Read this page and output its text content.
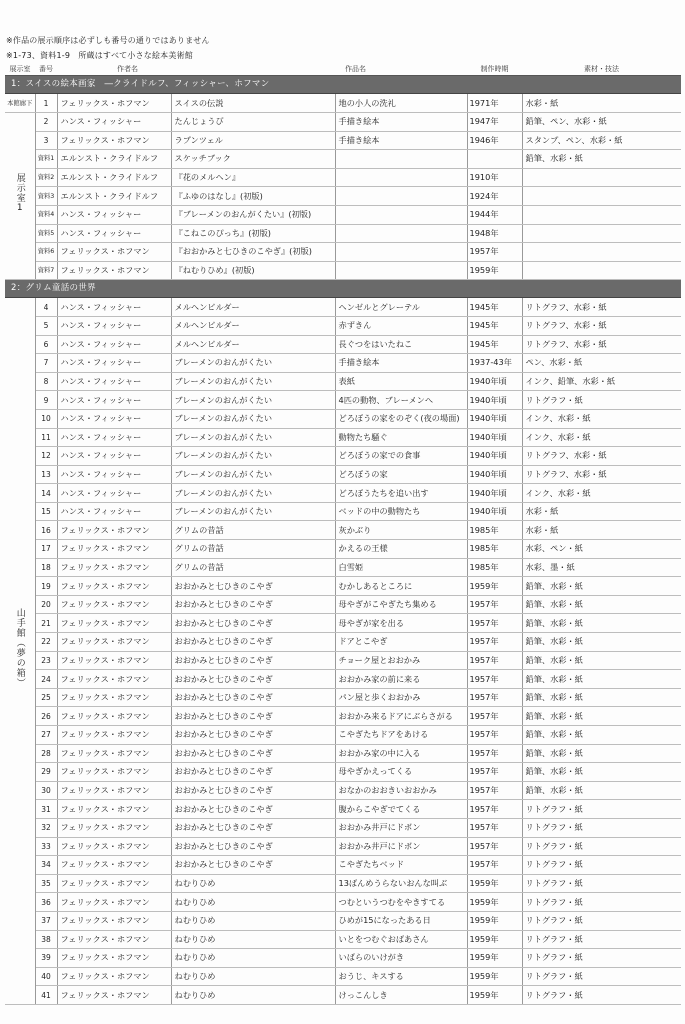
※作品の展示順序は必ずしも番号の通りではありません
※1-73、資料1-9　所蔵はすべて小さな絵本美術館
展示室	番号	作者名		作品名	制作時期	素材・技法
1：スイスの絵本画家　―クライドルフ、フィッシャー、ホフマン						
本館廊下	1	フェリックス・ホフマン	スイスの伝説	地の小人の洗礼	1971年	水彩・紙
展示室1	2	ハンス・フィッシャー	たんじょうび	手描き絵本	1947年	鉛筆、ペン、水彩・紙
	3	フェリックス・ホフマン	ラプンツェル	手描き絵本	1946年	スタンプ、ペン、水彩・紙
	資料1	エルンスト・クライドルフ	スケッチブック			鉛筆、水彩・紙
	資料2	エルンスト・クライドルフ	『花のメルヘン』		1910年	
	資料3	エルンスト・クライドルフ	『ふゆのはなし』(初版)		1924年	
	資料4	ハンス・フィッシャー	『ブレーメンのおんがくたい』(初版)		1944年	
	資料5	ハンス・フィッシャー	『こねこのぴっち』(初版)		1948年	
	資料6	フェリックス・ホフマン	『おおかみと七ひきのこやぎ』(初版)		1957年	
	資料7	フェリックス・ホフマン	『ねむりひめ』(初版)		1959年	
2：グリム童話の世界						
山手館（夢の箱）	4	ハンス・フィッシャー	メルヘンビルダー	ヘンゼルとグレーテル	1945年	リトグラフ、水彩・紙
	5	ハンス・フィッシャー	メルヘンビルダー	赤ずきん	1945年	リトグラフ、水彩・紙
	6	ハンス・フィッシャー	メルヘンビルダー	長ぐつをはいたねこ	1945年	リトグラフ、水彩・紙
	7	ハンス・フィッシャー	ブレーメンのおんがくたい	手描き絵本	1937-43年	ペン、水彩・紙
	8	ハンス・フィッシャー	ブレーメンのおんがくたい	表紙	1940年頃	インク、鉛筆、水彩・紙
	9	ハンス・フィッシャー	ブレーメンのおんがくたい	4匹の動物、ブレーメンへ	1940年頃	リトグラフ・紙
	10	ハンス・フィッシャー	ブレーメンのおんがくたい	どろぼうの家をのぞく(夜の場面)	1940年頃	インク、水彩・紙
	11	ハンス・フィッシャー	ブレーメンのおんがくたい	動物たち騒ぐ	1940年頃	インク、水彩・紙
	12	ハンス・フィッシャー	ブレーメンのおんがくたい	どろぼうの家での食事	1940年頃	リトグラフ、水彩・紙
	13	ハンス・フィッシャー	ブレーメンのおんがくたい	どろぼうの家	1940年頃	リトグラフ、水彩・紙
	14	ハンス・フィッシャー	ブレーメンのおんがくたい	どろぼうたちを追い出す	1940年頃	インク、水彩・紙
	15	ハンス・フィッシャー	ブレーメンのおんがくたい	ベッドの中の動物たち	1940年頃	水彩・紙
	16	フェリックス・ホフマン	グリムの昔話	灰かぶり	1985年	水彩・紙
	17	フェリックス・ホフマン	グリムの昔話	かえるの王様	1985年	水彩、ペン・紙
	18	フェリックス・ホフマン	グリムの昔話	白雪姫	1985年	水彩、墨・紙
	19	フェリックス・ホフマン	おおかみと七ひきのこやぎ	むかしあるところに	1959年	鉛筆、水彩・紙
	20	フェリックス・ホフマン	おおかみと七ひきのこやぎ	母やぎがこやぎたち集める	1957年	鉛筆、水彩・紙
	21	フェリックス・ホフマン	おおかみと七ひきのこやぎ	母やぎが家を出る	1957年	鉛筆、水彩・紙
	22	フェリックス・ホフマン	おおかみと七ひきのこやぎ	ドアとこやぎ	1957年	鉛筆、水彩・紙
	23	フェリックス・ホフマン	おおかみと七ひきのこやぎ	チョーク屋とおおかみ	1957年	鉛筆、水彩・紙
	24	フェリックス・ホフマン	おおかみと七ひきのこやぎ	おおかみ家の前に来る	1957年	鉛筆、水彩・紙
	25	フェリックス・ホフマン	おおかみと七ひきのこやぎ	パン屋と歩くおおかみ	1957年	鉛筆、水彩・紙
	26	フェリックス・ホフマン	おおかみと七ひきのこやぎ	おおかみ来るドアにぶらさがる	1957年	鉛筆、水彩・紙
	27	フェリックス・ホフマン	おおかみと七ひきのこやぎ	こやぎたちドアをあける	1957年	鉛筆、水彩・紙
	28	フェリックス・ホフマン	おおかみと七ひきのこやぎ	おおかみ家の中に入る	1957年	鉛筆、水彩・紙
	29	フェリックス・ホフマン	おおかみと七ひきのこやぎ	母やぎかえってくる	1957年	鉛筆、水彩・紙
	30	フェリックス・ホフマン	おおかみと七ひきのこやぎ	おなかのおおきいおおかみ	1957年	鉛筆、水彩・紙
	31	フェリックス・ホフマン	おおかみと七ひきのこやぎ	腹からこやぎでてくる	1957年	リトグラフ・紙
	32	フェリックス・ホフマン	おおかみと七ひきのこやぎ	おおかみ井戸にドボン	1957年	リトグラフ・紙
	33	フェリックス・ホフマン	おおかみと七ひきのこやぎ	おおかみ井戸にドボン	1957年	リトグラフ・紙
	34	フェリックス・ホフマン	おおかみと七ひきのこやぎ	こやぎたちベッド	1957年	リトグラフ・紙
	35	フェリックス・ホフマン	ねむりひめ	13ばんめうらないおんな叫ぶ	1959年	リトグラフ・紙
	36	フェリックス・ホフマン	ねむりひめ	つむというつむをやきすてる	1959年	リトグラフ・紙
	37	フェリックス・ホフマン	ねむりひめ	ひめが15になったある日	1959年	リトグラフ・紙
	38	フェリックス・ホフマン	ねむりひめ	いとをつむぐおばあさん	1959年	リトグラフ・紙
	39	フェリックス・ホフマン	ねむりひめ	いばらのいけがき	1959年	リトグラフ・紙
	40	フェリックス・ホフマン	ねむりひめ	おうじ、キスする	1959年	リトグラフ・紙
	41	フェリックス・ホフマン	ねむりひめ	けっこんしき	1959年	リトグラフ・紙
